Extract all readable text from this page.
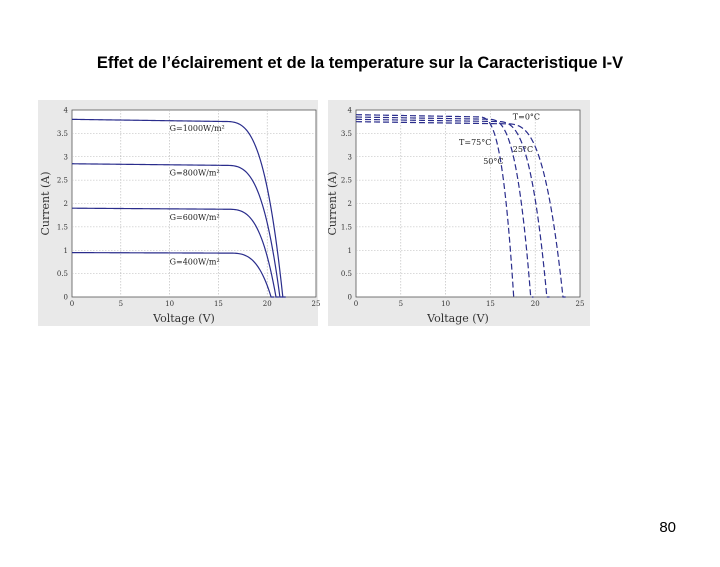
Effet de l’éclairement et de la temperature sur la Caracteristique I-V
0	5	10	15	20	25
0
0.5
1
1.5
2
2.5
3
3.5
4
Voltage (V)
Current (A)
G=1000W/m²
G=800W/m²
G=600W/m²
G=400W/m²
0	5	10	15	20	25
0
0.5
1
1.5
2
2.5
3
3.5
4
Voltage (V)
Current (A)
T=75°C
50°C
25°C
T=0°C
80
